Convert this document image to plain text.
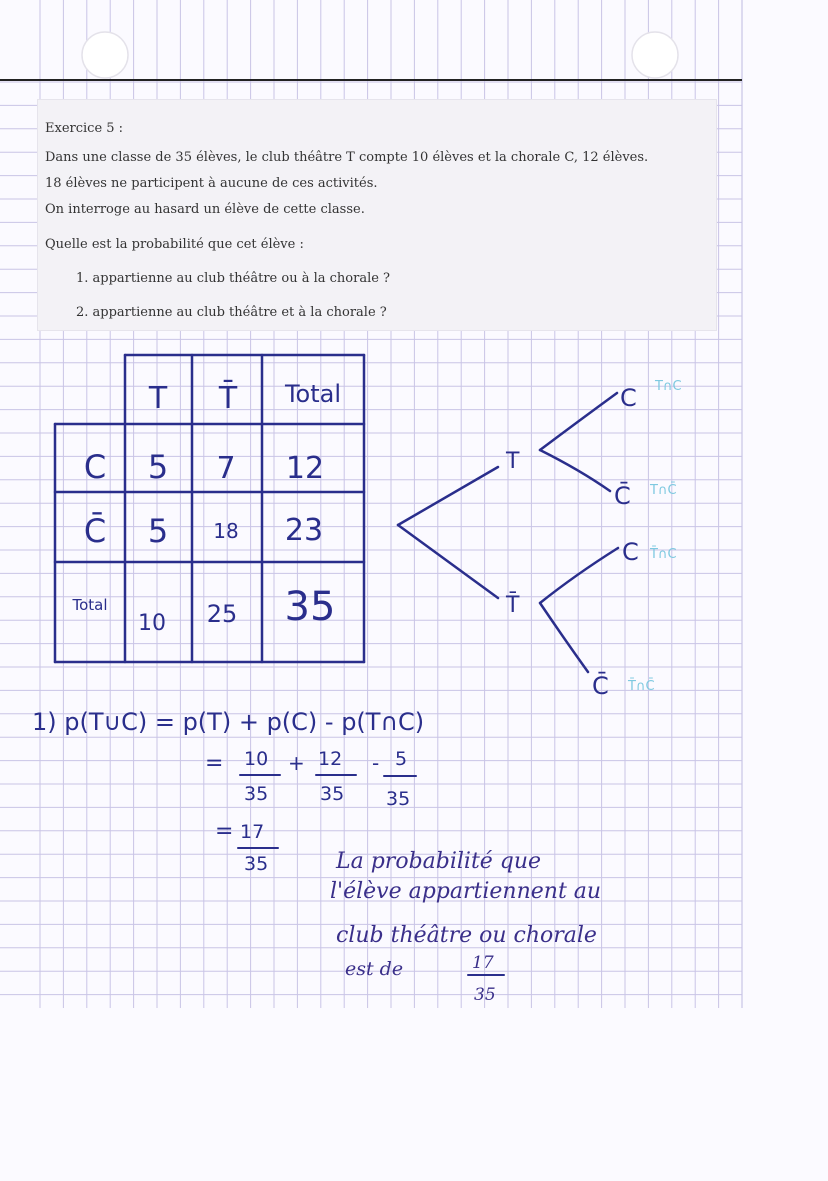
Exercice 5 :
Dans une classe de 35 élèves, le club théâtre T compte 10 élèves et la chorale C, 12 élèves.
18 élèves ne participent à aucune de ces activités.
On interroge au hasard un élève de cette classe.
Quelle est la probabilité que cet élève :
1. appartienne au club théâtre ou à la chorale ?
2. appartienne au club théâtre et à la chorale ?
T T̄ Total
C 5 7 12
C̄ 5 18 23
Total
10 25 35
T
T̄
C
C̄
C
C̄
T∩C
T∩C̄
T̄∩C
T̄∩C̄
1) p(T∪C) = p(T) + p(C) - p(T∩C)
= 10
35
+ 12
35
- 5
35
= 17
35	La probabilité que
l'élève appartiennent au
club théâtre ou chorale
est de	17
35
